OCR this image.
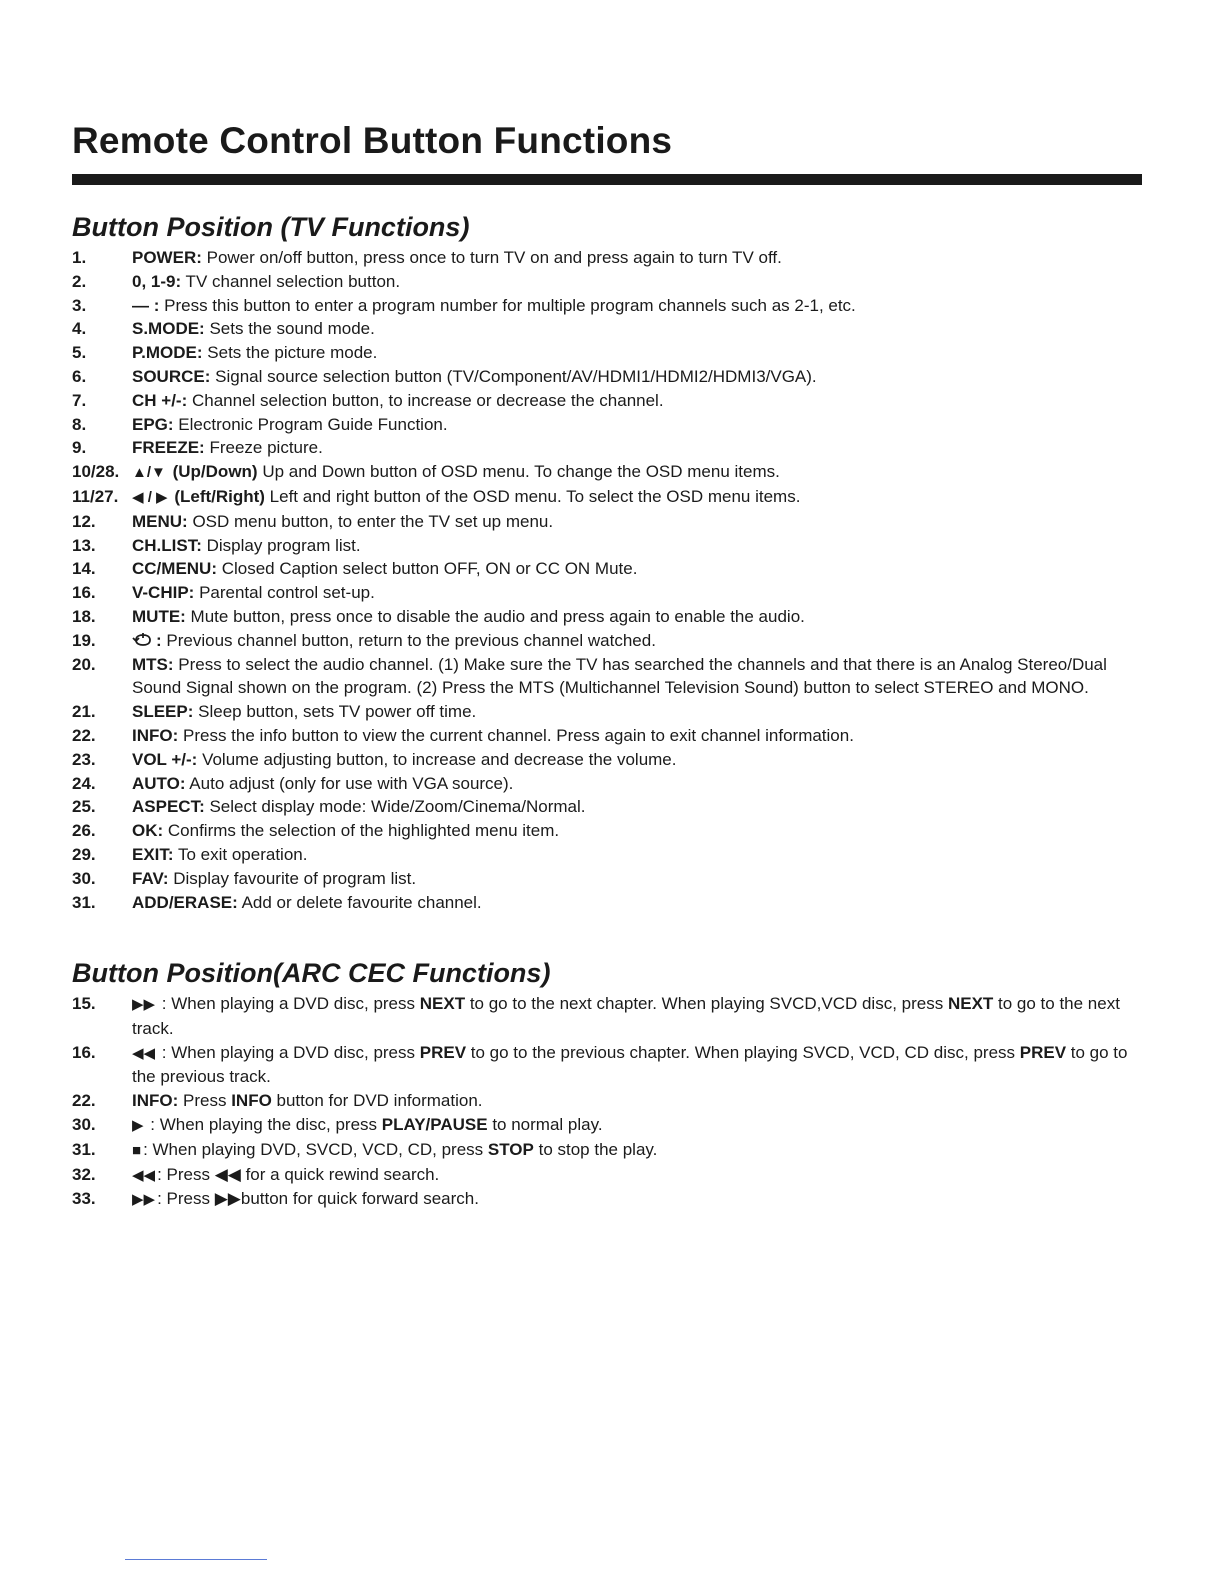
Remote Control Button Functions
Button Position (TV Functions)
1.	POWER: Power on/off button, press once to turn TV on and press again to turn TV off.
2.	0, 1-9: TV channel selection button.
3.	— : Press this button to enter a program number for multiple program channels such as 2-1, etc.
4.	S.MODE: Sets the sound mode.
5.	P.MODE: Sets the picture mode.
6.	SOURCE: Signal source selection button (TV/Component/AV/HDMI1/HDMI2/HDMI3/VGA).
7.	CH +/-: Channel selection button, to increase or decrease the channel.
8.	EPG: Electronic Program Guide Function.
9.	FREEZE: Freeze picture.
10/28. ▲/▼ (Up/Down) Up and Down button of OSD menu. To change the OSD menu items.
11/27. ◀ / ▶ (Left/Right) Left and right button of the OSD menu. To select the OSD menu items.
12.	MENU: OSD menu button, to enter the TV set up menu.
13.	CH.LIST: Display program list.
14.	CC/MENU: Closed Caption select button OFF, ON or CC ON Mute.
16.	V-CHIP: Parental control set-up.
18.	MUTE: Mute button, press once to disable the audio and press again to enable the audio.
19.	: Previous channel button, return to the previous channel watched.
20.	MTS: Press to select the audio channel. (1) Make sure the TV has searched the channels and that there is an Analog Stereo/Dual Sound Signal shown on the program. (2) Press the MTS (Multichannel Television Sound) button to select STEREO and MONO.
21.	SLEEP: Sleep button, sets TV power off time.
22.	INFO: Press the info button to view the current channel. Press again to exit channel information.
23.	VOL +/-: Volume adjusting button, to increase and decrease the volume.
24.	AUTO: Auto adjust (only for use with VGA source).
25.	ASPECT: Select display mode: Wide/Zoom/Cinema/Normal.
26.	OK: Confirms the selection of the highlighted menu item.
29.	EXIT: To exit operation.
30.	FAV: Display favourite of program list.
31.	ADD/ERASE: Add or delete favourite channel.
Button Position(ARC CEC Functions)
15.	▶▶ : When playing a DVD disc, press NEXT to go to the next chapter. When playing SVCD,VCD disc, press NEXT to go to the next track.
16.	◀◀ : When playing a DVD disc, press PREV to go to the previous chapter. When playing SVCD, VCD, CD disc, press PREV to go to the previous track.
22.	INFO: Press INFO button for DVD information.
30.	▶ : When playing the disc, press PLAY/PAUSE to normal play.
31.	■ : When playing DVD, SVCD, VCD, CD, press STOP to stop the play.
32.	◀◀ : Press ◀◀ for a quick rewind search.
33.	▶▶ : Press ▶▶button for quick forward search.
